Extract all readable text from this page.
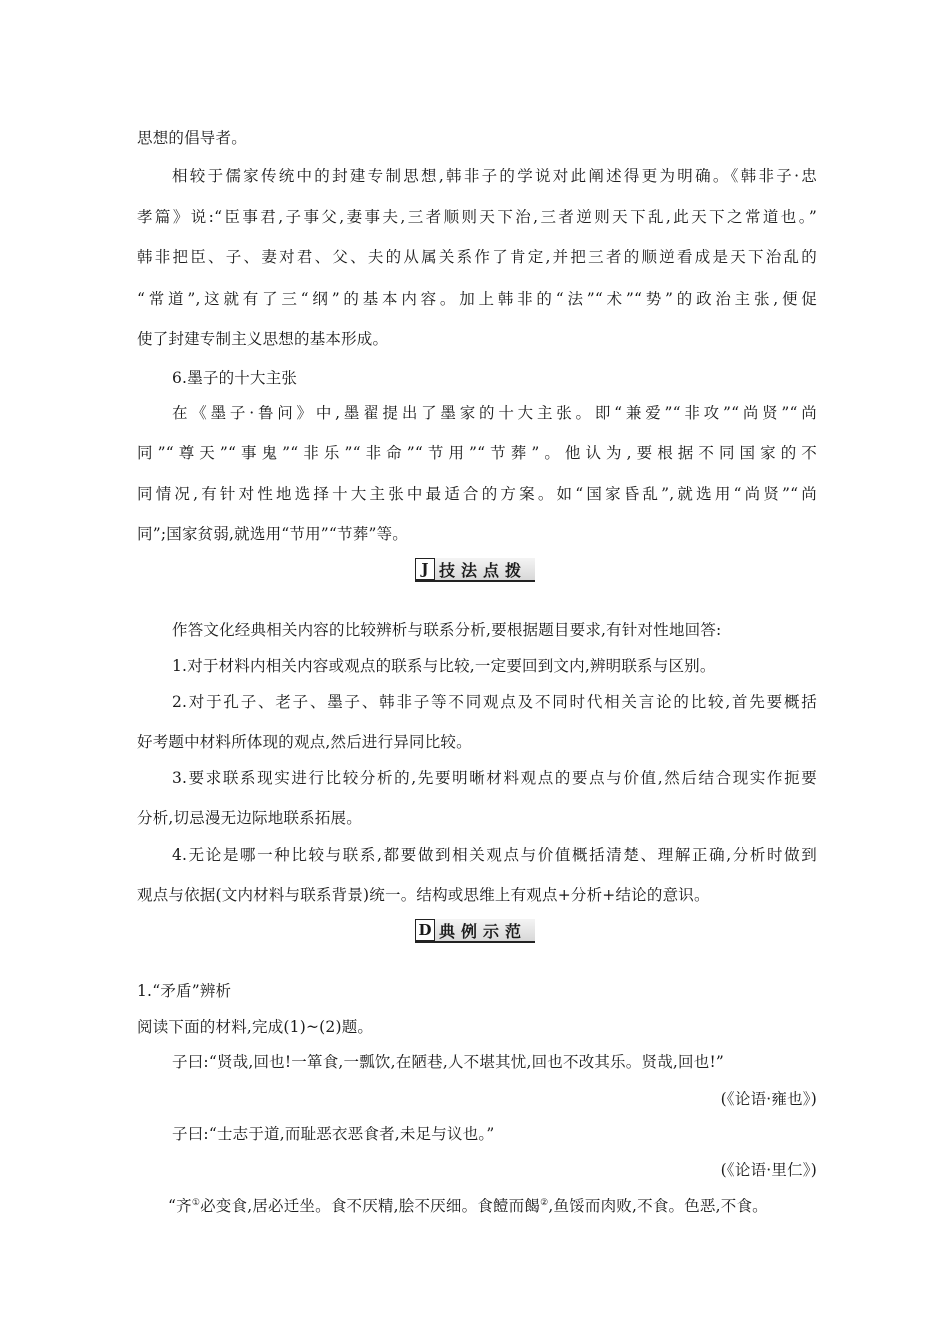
思想的倡导者。
相较于儒家传统中的封建专制思想,韩非子的学说对此阐述得更为明确。《韩非子·忠
孝篇》说:“臣事君,子事父,妻事夫,三者顺则天下治,三者逆则天下乱,此天下之常道也。”
韩非把臣、子、妻对君、父、夫的从属关系作了肯定,并把三者的顺逆看成是天下治乱的
“常道”,这就有了三“纲”的基本内容。加上韩非的“法”“术”“势”的政治主张,便促
使了封建专制主义思想的基本形成。
6.墨子的十大主张
在《墨子·鲁问》中,墨翟提出了墨家的十大主张。即“兼爱”“非攻”“尚贤”“尚
同”“尊天”“事鬼”“非乐”“非命”“节用”“节葬”。他认为,要根据不同国家的不
同情况,有针对性地选择十大主张中最适合的方案。如“国家昏乱”,就选用“尚贤”“尚
同”;国家贫弱,就选用“节用”“节葬”等。
J 技法点拨
作答文化经典相关内容的比较辨析与联系分析,要根据题目要求,有针对性地回答:
1.对于材料内相关内容或观点的联系与比较,一定要回到文内,辨明联系与区别。
2.对于孔子、老子、墨子、韩非子等不同观点及不同时代相关言论的比较,首先要概括
好考题中材料所体现的观点,然后进行异同比较。
3.要求联系现实进行比较分析的,先要明晰材料观点的要点与价值,然后结合现实作扼要
分析,切忌漫无边际地联系拓展。
4.无论是哪一种比较与联系,都要做到相关观点与价值概括清楚、理解正确,分析时做到
观点与依据(文内材料与联系背景)统一。结构或思维上有观点+分析+结论的意识。
D 典例示范
1.“矛盾”辨析
阅读下面的材料,完成(1)~(2)题。
子曰:“贤哉,回也!一箪食,一瓢饮,在陋巷,人不堪其忧,回也不改其乐。贤哉,回也!”
(《论语·雍也》)
子曰:“士志于道,而耻恶衣恶食者,未足与议也。”
(《论语·里仁》)
“齐①必变食,居必迁坐。食不厌精,脍不厌细。食饐而餲②,鱼馁而肉败,不食。色恶,不食。
